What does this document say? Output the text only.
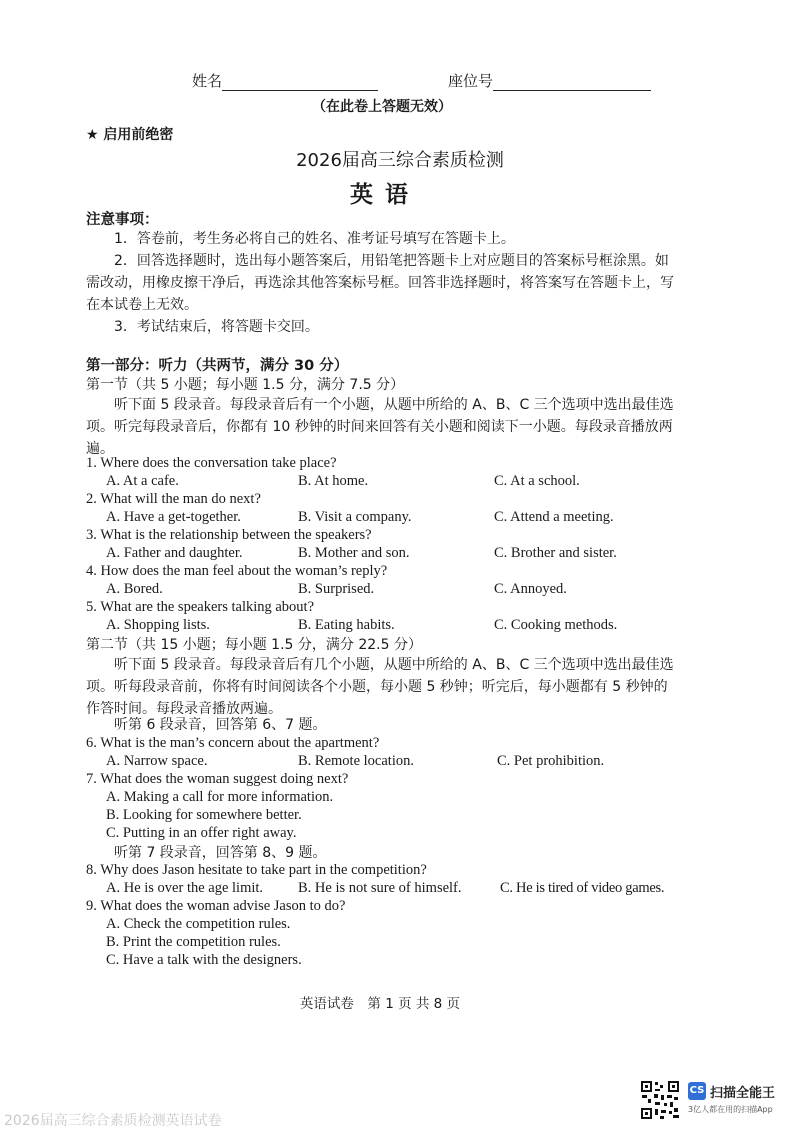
姓名	座位号
（在此卷上答题无效）
★ 启用前绝密
2026届高三综合素质检测
英 语
注意事项：
1．答卷前，考生务必将自己的姓名、准考证号填写在答题卡上。
2．回答选择题时，选出每小题答案后，用铅笔把答题卡上对应题目的答案标号框涂黑。如需改动，用橡皮擦干净后，再选涂其他答案标号框。回答非选择题时，将答案写在答题卡上，写在本试卷上无效。
3．考试结束后，将答题卡交回。
第一部分：听力（共两节，满分 30 分）
第一节（共 5 小题；每小题 1.5 分，满分 7.5 分）
听下面 5 段录音。每段录音后有一个小题，从题中所给的 A、B、C 三个选项中选出最佳选项。听完每段录音后，你都有 10 秒钟的时间来回答有关小题和阅读下一小题。每段录音播放两遍。
1. Where does the conversation take place?
A. At a cafe.	B. At home.	C. At a school.
2. What will the man do next?
A. Have a get-together.	B. Visit a company.	C. Attend a meeting.
3. What is the relationship between the speakers?
A. Father and daughter.	B. Mother and son.	C. Brother and sister.
4. How does the man feel about the woman’s reply?
A. Bored.	B. Surprised.	C. Annoyed.
5. What are the speakers talking about?
A. Shopping lists.	B. Eating habits.	C. Cooking methods.
第二节（共 15 小题；每小题 1.5 分，满分 22.5 分）
听下面 5 段录音。每段录音后有几个小题，从题中所给的 A、B、C 三个选项中选出最佳选项。听每段录音前，你将有时间阅读各个小题，每小题 5 秒钟；听完后，每小题都有 5 秒钟的作答时间。每段录音播放两遍。
听第 6 段录音，回答第 6、7 题。
6. What is the man’s concern about the apartment?
A. Narrow space.	B. Remote location.	C. Pet prohibition.
7. What does the woman suggest doing next?
A. Making a call for more information.
B. Looking for somewhere better.
C. Putting in an offer right away.
听第 7 段录音，回答第 8、9 题。
8. Why does Jason hesitate to take part in the competition?
A. He is over the age limit. B. He is not sure of himself.	C. He is tired of video games.
9. What does the woman advise Jason to do?
A. Check the competition rules.
B. Print the competition rules.
C. Have a talk with the designers.
英语试卷　第 1 页 共 8 页
CS 扫描全能王
3亿人都在用的扫描App
2026届高三综合素质检测英语试卷
